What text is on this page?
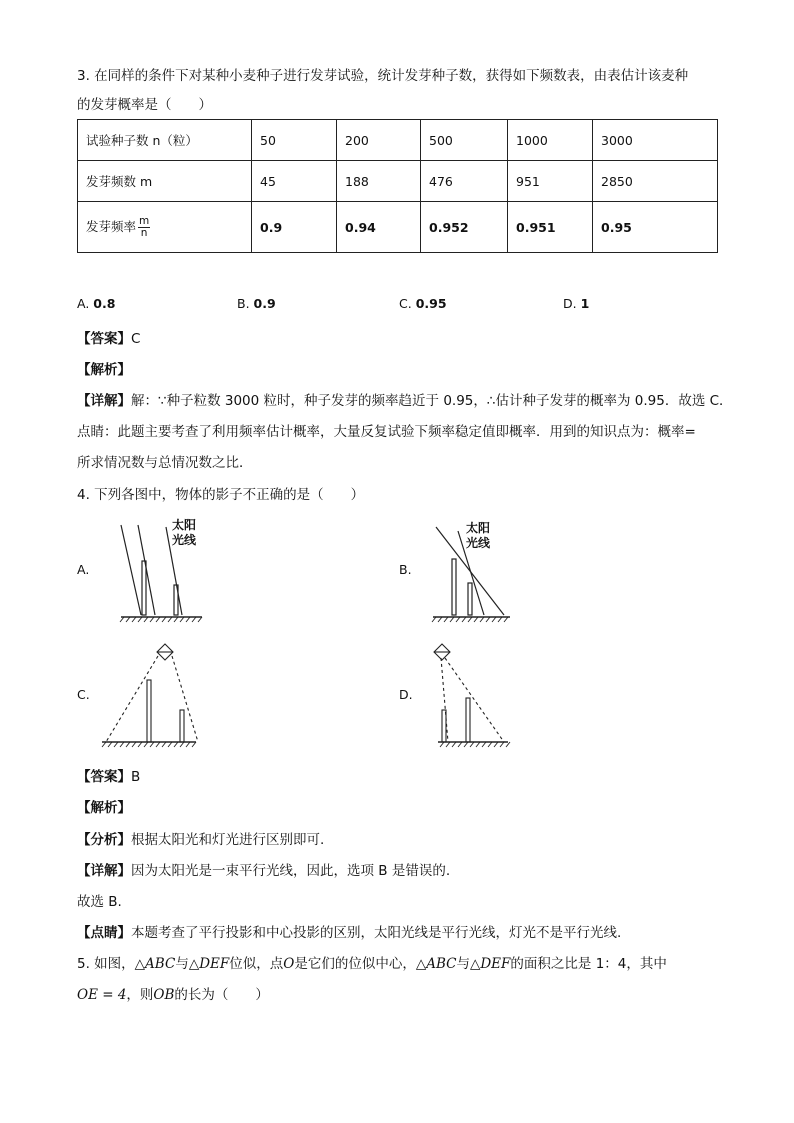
3. 在同样的条件下对某种小麦种子进行发芽试验，统计发芽种子数，获得如下频数表，由表估计该麦种
的发芽概率是（　　）
试验种子数 n（粒）	50	200	500	1000	3000
发芽频数 m	45	188	476	951	2850
发芽频率 $\frac{m}{n}$	0.9	0.94	0.952	0.951	0.95
A. 0.8	B. 0.9	C. 0.95	D. 1
【答案】C
【解析】
【详解】解：∵种子粒数 3000 粒时，种子发芽的频率趋近于 0.95，∴估计种子发芽的概率为 0.95．故选 C．
点睛：此题主要考查了利用频率估计概率，大量反复试验下频率稳定值即概率．用到的知识点为：概率=
所求情况数与总情况数之比．
4. 下列各图中，物体的影子不正确的是（　　）
A.	B.
C.	D.
太阳
光线
太阳
光线
【答案】B
【解析】
【分析】根据太阳光和灯光进行区别即可.
【详解】因为太阳光是一束平行光线，因此，选项 B 是错误的.
故选 B.
【点睛】本题考查了平行投影和中心投影的区别，太阳光线是平行光线，灯光不是平行光线.
5. 如图，△ABC与△DEF位似，点O是它们的位似中心，△ABC与△DEF的面积之比是 1：4，其中
OE = 4，则OB的长为（　　）
